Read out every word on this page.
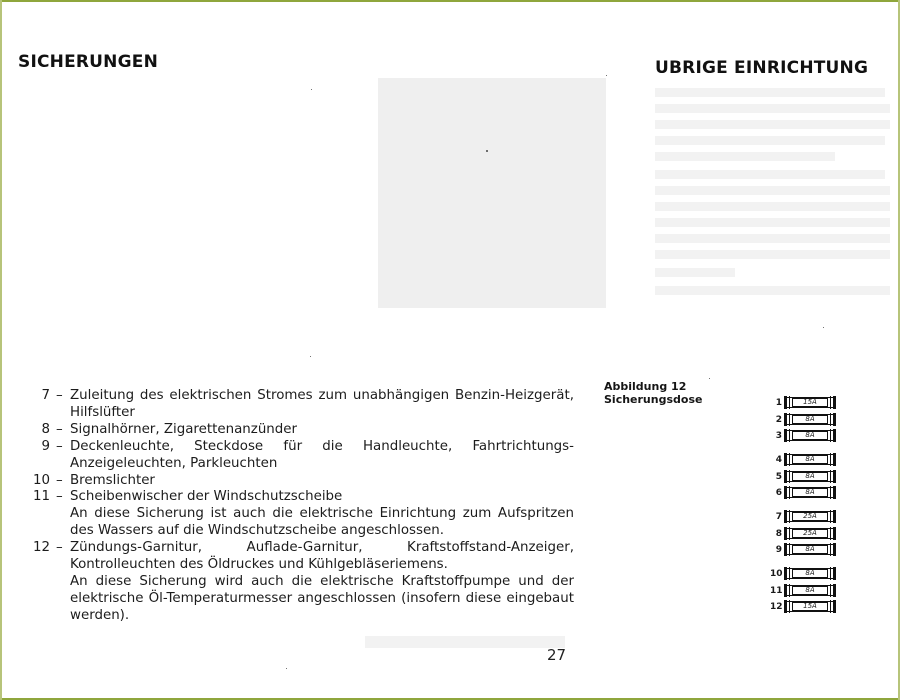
SICHERUNGEN	UBRIGE EINRICHTUNG
7 – Zuleitung des elektrischen Stromes zum unabhängigen Benzin-Heizgerät, Hilfslüfter

8 – Signalhörner, Zigarettenanzünder

9 – Deckenleuchte, Steckdose für die Handleuchte, Fahrtrichtungs-Anzeigeleuchten, Parkleuchten

10 – Bremslichter

11 – Scheibenwischer der Windschutzscheibe

An diese Sicherung ist auch die elektrische Einrichtung zum Aufspritzen des Wassers auf die Windschutzscheibe angeschlossen.

12 – Zündungs-Garnitur, Auflade-Garnitur, Kraftstoffstand-Anzeiger, Kontrolleuchten des Öldruckes und Kühlgebläseriemens.

An diese Sicherung wird auch die elektrische Kraftstoffpumpe und der elektrische Öl-Temperaturmesser angeschlossen (insofern diese eingebaut werden).

Abbildung 12
Sicherungsdose	1	15A
2	8A
3	8A
4	8A
5	8A
6	8A
7	25A
8	25A
9	8A
10	8A
11	8A
12	15A
27
